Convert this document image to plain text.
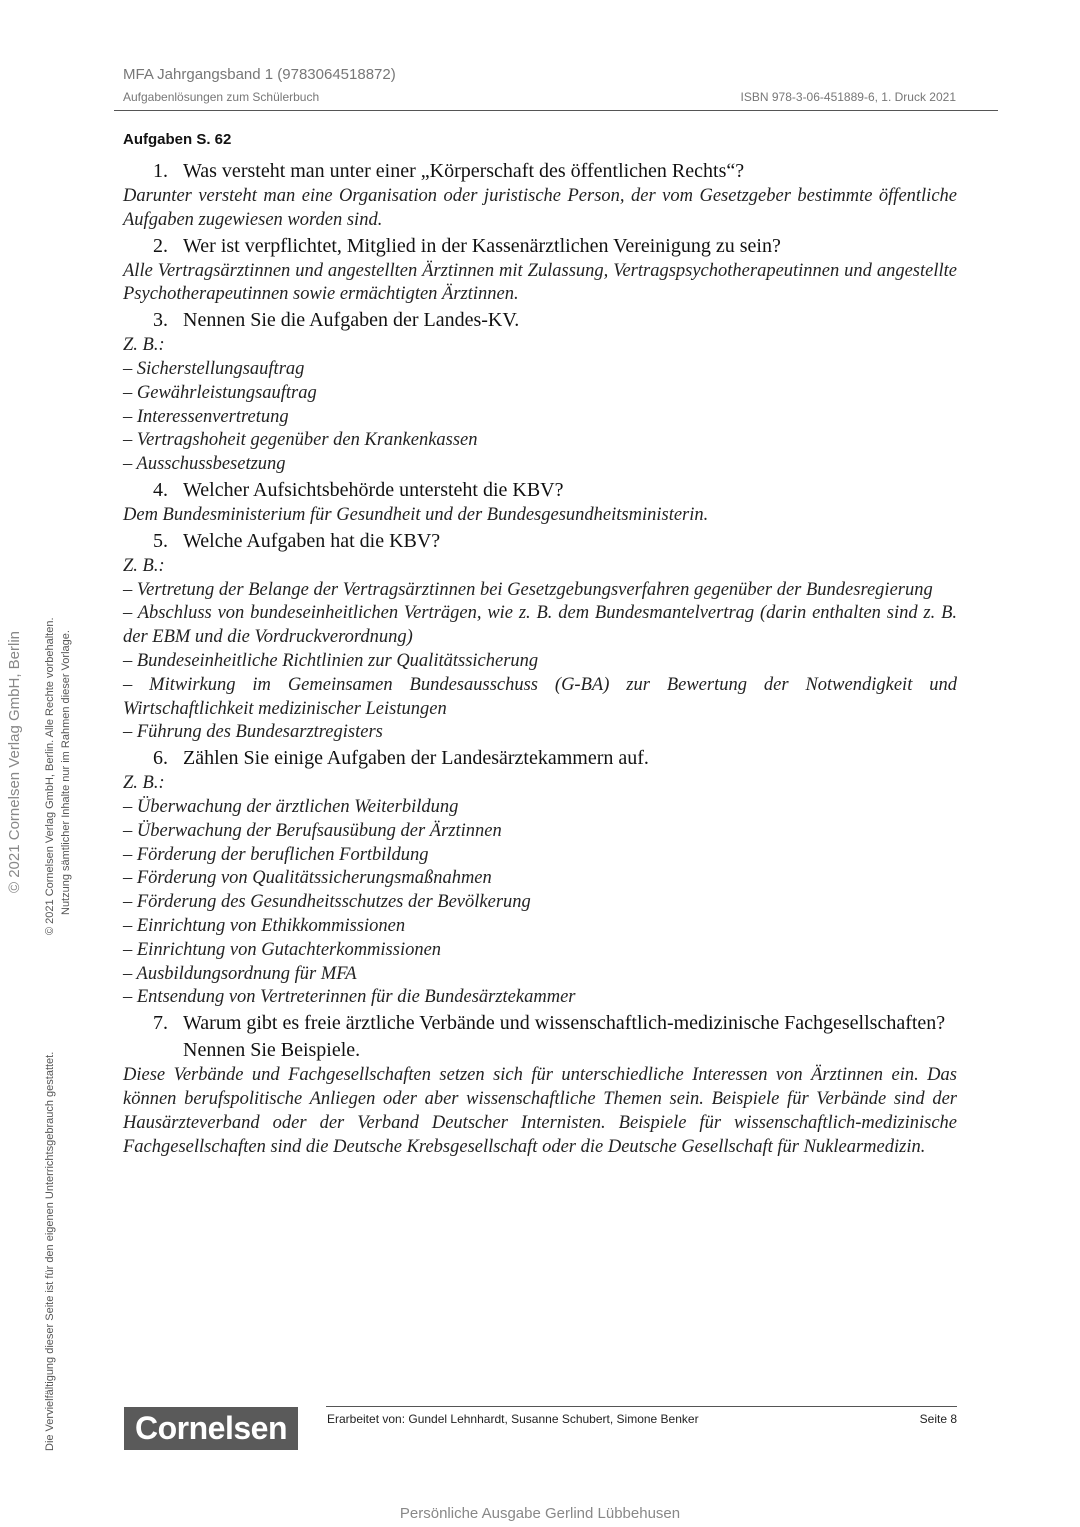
MFA Jahrgangsband 1 (9783064518872)
Aufgabenlösungen zum Schülerbuch	ISBN 978-3-06-451889-6, 1. Druck 2021
Aufgaben S. 62
1. Was versteht man unter einer „Körperschaft des öffentlichen Rechts“?
Darunter versteht man eine Organisation oder juristische Person, der vom Gesetzgeber bestimmte öffentliche Aufgaben zugewiesen worden sind.
2. Wer ist verpflichtet, Mitglied in der Kassenärztlichen Vereinigung zu sein?
Alle Vertragsärztinnen und angestellten Ärztinnen mit Zulassung, Vertragspsychotherapeutinnen und angestellte Psychotherapeutinnen sowie ermächtigten Ärztinnen.
3. Nennen Sie die Aufgaben der Landes-KV.
Z. B.:
– Sicherstellungsauftrag
– Gewährleistungsauftrag
– Interessenvertretung
– Vertragshoheit gegenüber den Krankenkassen
– Ausschussbesetzung
4. Welcher Aufsichtsbehörde untersteht die KBV?
Dem Bundesministerium für Gesundheit und der Bundesgesundheitsministerin.
5. Welche Aufgaben hat die KBV?
Z. B.:
– Vertretung der Belange der Vertragsärztinnen bei Gesetzgebungsverfahren gegenüber der Bundesregierung
– Abschluss von bundeseinheitlichen Verträgen, wie z. B. dem Bundesmantelvertrag (darin enthalten sind z. B. der EBM und die Vordruckverordnung)
– Bundeseinheitliche Richtlinien zur Qualitätssicherung
– Mitwirkung im Gemeinsamen Bundesausschuss (G-BA) zur Bewertung der Notwendigkeit und Wirtschaftlichkeit medizinischer Leistungen
– Führung des Bundesarztregisters
6. Zählen Sie einige Aufgaben der Landesärztekammern auf.
Z. B.:
– Überwachung der ärztlichen Weiterbildung
– Überwachung der Berufsausübung der Ärztinnen
– Förderung der beruflichen Fortbildung
– Förderung von Qualitätssicherungsmaßnahmen
– Förderung des Gesundheitsschutzes der Bevölkerung
– Einrichtung von Ethikkommissionen
– Einrichtung von Gutachterkommissionen
– Ausbildungsordnung für MFA
– Entsendung von Vertreterinnen für die Bundesärztekammer
7. Warum gibt es freie ärztliche Verbände und wissenschaftlich-medizinische Fachgesellschaften? Nennen Sie Beispiele.
Diese Verbände und Fachgesellschaften setzen sich für unterschiedliche Interessen von Ärztinnen ein. Das können berufspolitische Anliegen oder aber wissenschaftliche Themen sein. Beispiele für Verbände sind der Hausärzteverband oder der Verband Deutscher Internisten. Beispiele für wissenschaftlich-medizinische Fachgesellschaften sind die Deutsche Krebsgesellschaft oder die Deutsche Gesellschaft für Nuklearmedizin.
© 2021 Cornelsen Verlag GmbH, Berlin © 2021 Cornelsen Verlag GmbH, Berlin. Alle Rechte vorbehalten. Nutzung sämtlicher Inhalte nur im Rahmen dieser Vorlage.
Die Vervielfältigung dieser Seite ist für den eigenen Unterrichtsgebrauch gestattet.	Cornelsen	Erarbeitet von: Gundel Lehnhardt, Susanne Schubert, Simone Benker	Seite 8
Persönliche Ausgabe Gerlind Lübbehusen
